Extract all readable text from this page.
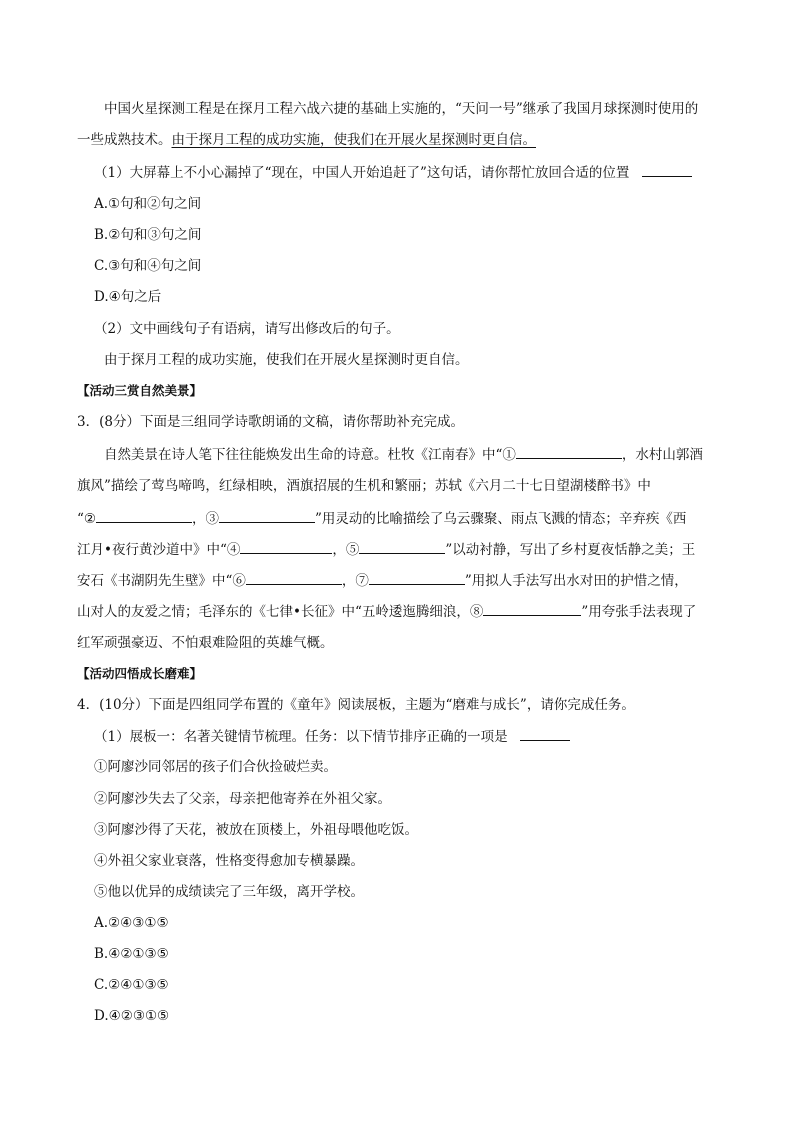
中国火星探测工程是在探月工程六战六捷的基础上实施的，“天问一号”继承了我国月球探测时使用的
一些成熟技术。由于探月工程的成功实施，使我们在开展火星探测时更自信。
（1）大屏幕上不小心漏掉了“现在，中国人开始追赶了”这句话，请你帮忙放回合适的位置
A.①句和②句之间
B.②句和③句之间
C.③句和④句之间
D.④句之后
（2）文中画线句子有语病，请写出修改后的句子。
由于探月工程的成功实施，使我们在开展火星探测时更自信。
【活动三赏自然美景】
3．(8分）下面是三组同学诗歌朗诵的文稿，请你帮助补充完成。
自然美景在诗人笔下往往能焕发出生命的诗意。杜牧《江南春》中“①	，水村山郭酒
旗风”描绘了莺鸟啼鸣，红绿相映，酒旗招展的生机和繁丽；苏轼《六月二十七日望湖楼醉书》中
“②	，③	”用灵动的比喻描绘了乌云骤聚、雨点飞溅的情态；辛弃疾《西
江月•夜行黄沙道中》中“④	，⑤	”以动衬静，写出了乡村夏夜恬静之美；王
安石《书湖阴先生壁》中“⑥	，⑦	”用拟人手法写出水对田的护惜之情，
山对人的友爱之情；毛泽东的《七律•长征》中“五岭逶迤腾细浪，⑧	”用夸张手法表现了
红军顽强豪迈、不怕艰难险阻的英雄气概。
【活动四悟成长磨难】
4．(10分）下面是四组同学布置的《童年》阅读展板，主题为“磨难与成长”，请你完成任务。
（1）展板一：名著关键情节梳理。任务：以下情节排序正确的一项是
①阿廖沙同邻居的孩子们合伙捡破烂卖。
②阿廖沙失去了父亲，母亲把他寄养在外祖父家。
③阿廖沙得了天花，被放在顶楼上，外祖母喂他吃饭。
④外祖父家业衰落，性格变得愈加专横暴躁。
⑤他以优异的成绩读完了三年级，离开学校。
A.②④③①⑤
B.④②①③⑤
C.②④①③⑤
D.④②③①⑤
